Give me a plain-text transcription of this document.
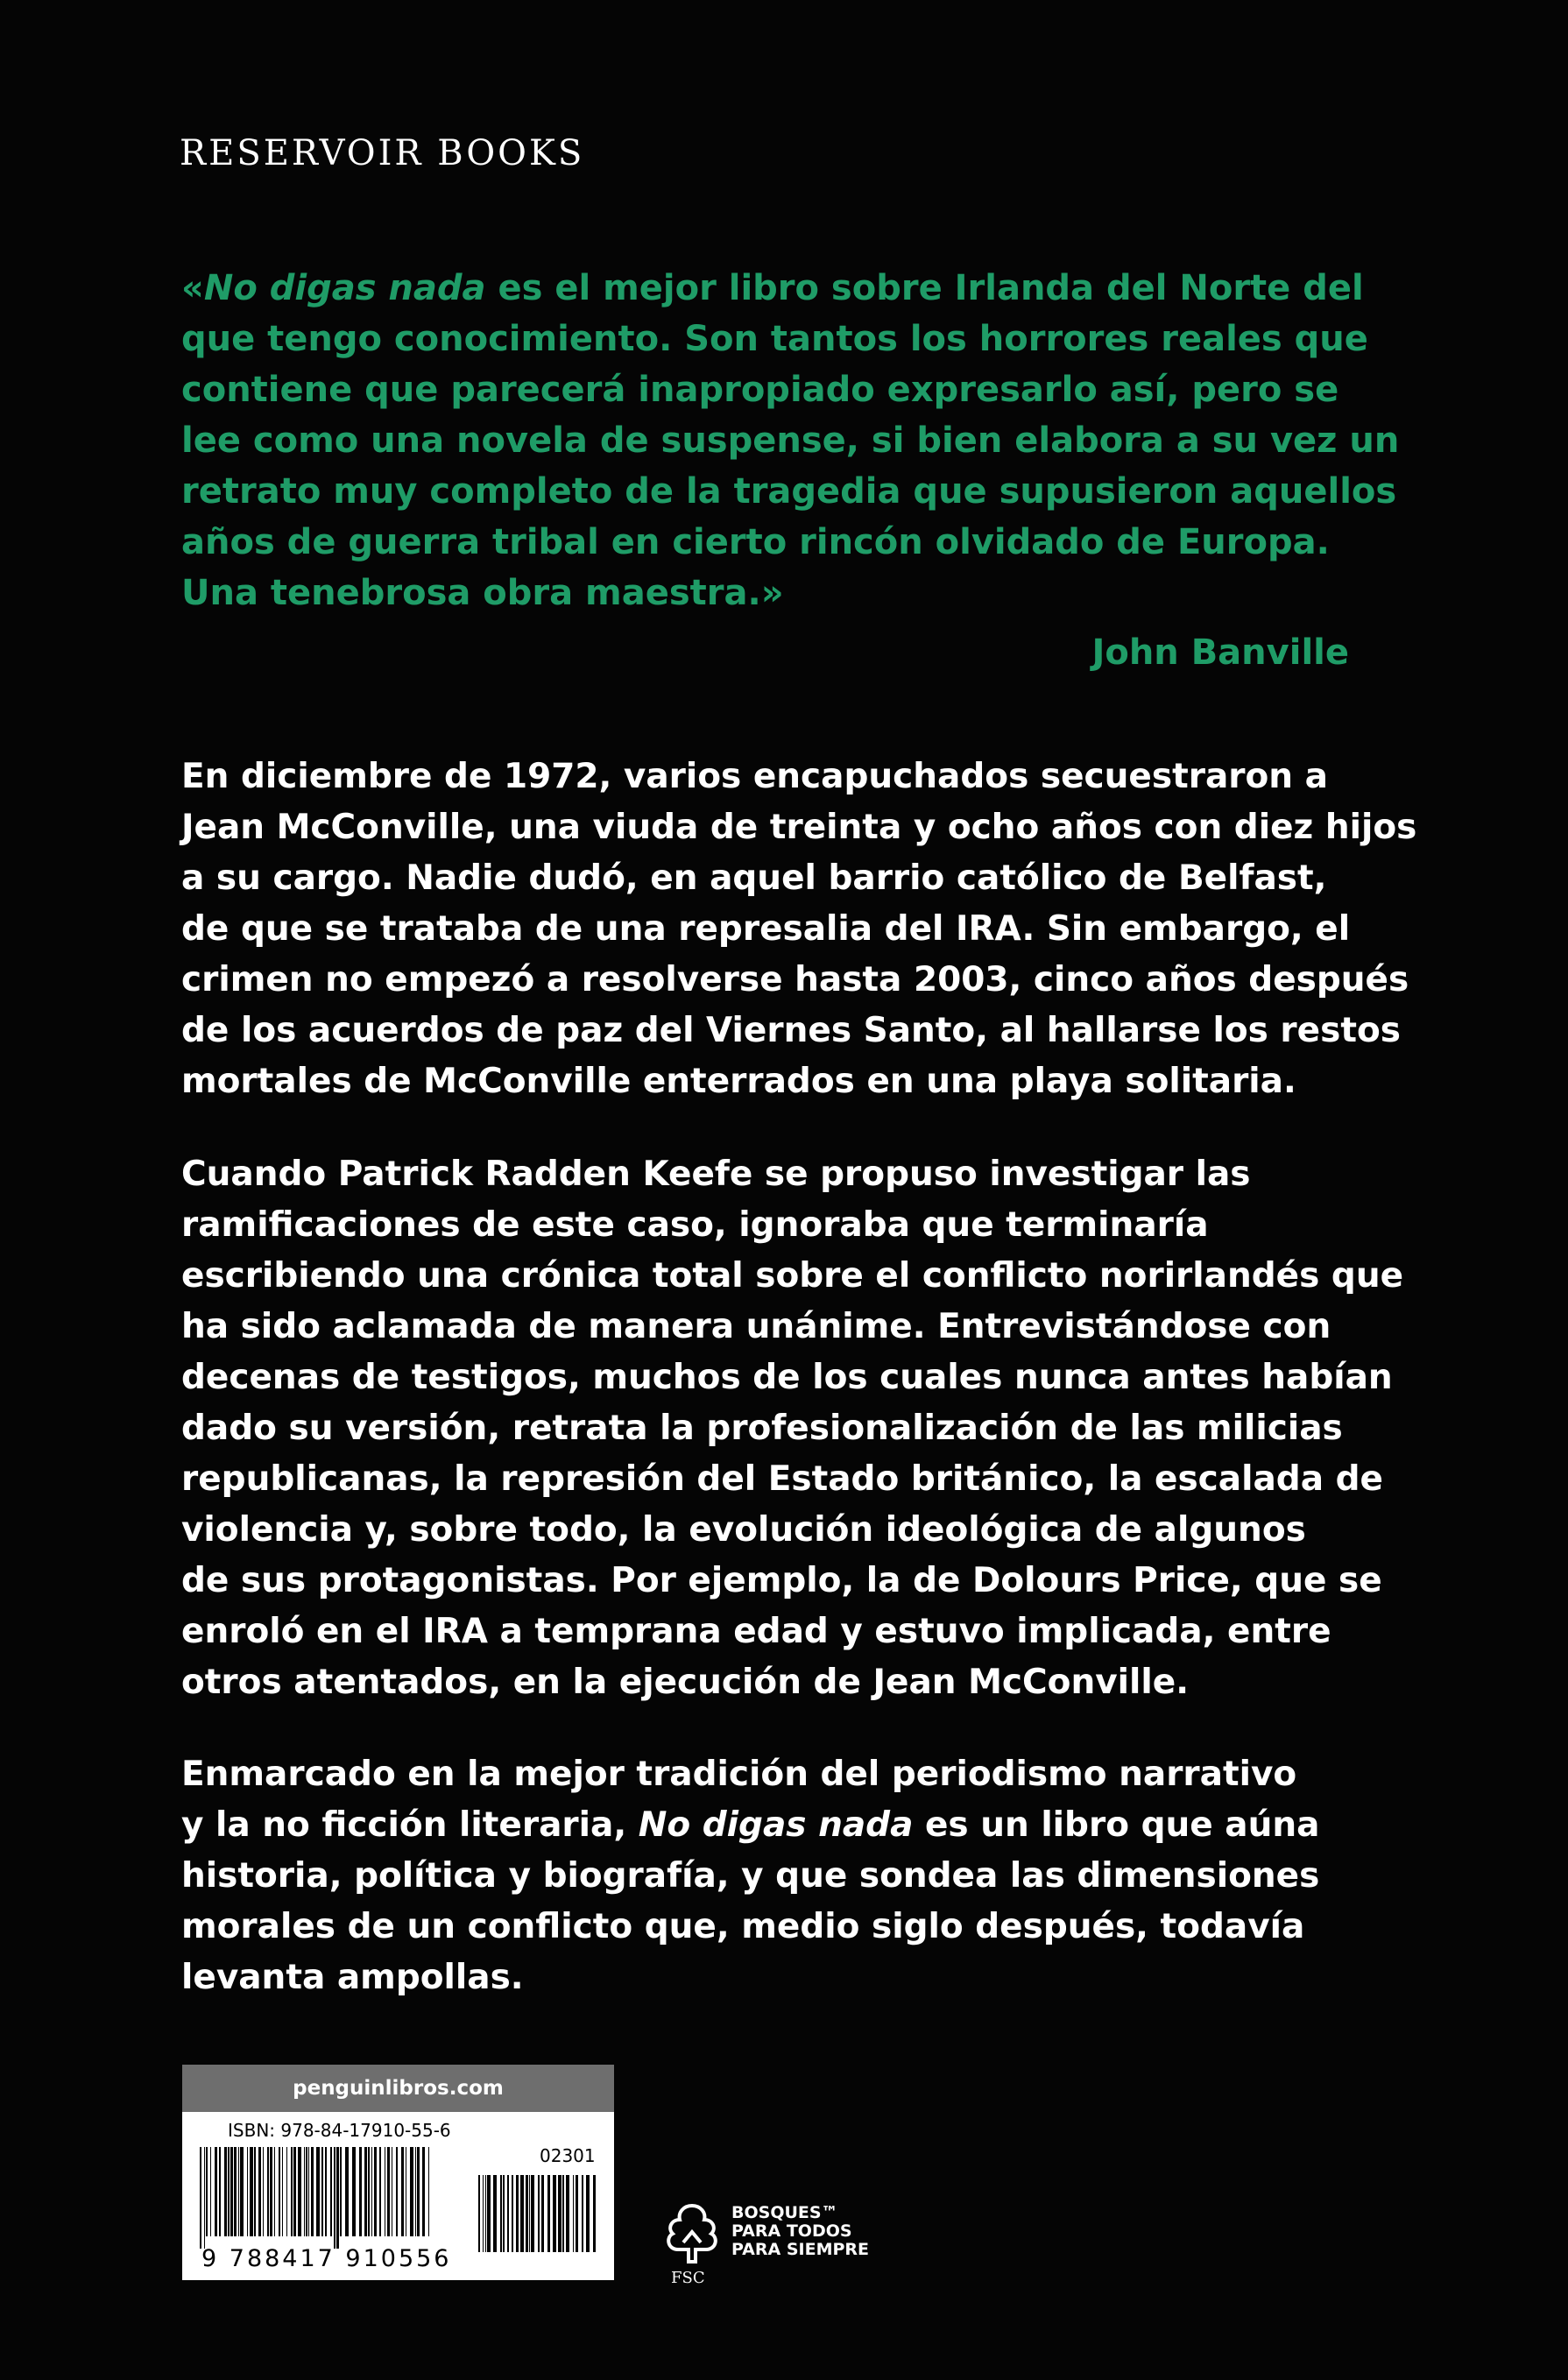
RESERVOIR BOOKS
«No digas nada es el mejor libro sobre Irlanda del Norte del
que tengo conocimiento. Son tantos los horrores reales que
contiene que parecerá inapropiado expresarlo así, pero se
lee como una novela de suspense, si bien elabora a su vez un
retrato muy completo de la tragedia que supusieron aquellos
años de guerra tribal en cierto rincón olvidado de Europa.
Una tenebrosa obra maestra.»
John Banville
En diciembre de 1972, varios encapuchados secuestraron a
Jean McConville, una viuda de treinta y ocho años con diez hijos
a su cargo. Nadie dudó, en aquel barrio católico de Belfast,
de que se trataba de una represalia del IRA. Sin embargo, el
crimen no empezó a resolverse hasta 2003, cinco años después
de los acuerdos de paz del Viernes Santo, al hallarse los restos
mortales de McConville enterrados en una playa solitaria.
Cuando Patrick Radden Keefe se propuso investigar las
ramificaciones de este caso, ignoraba que terminaría
escribiendo una crónica total sobre el conflicto norirlandés que
ha sido aclamada de manera unánime. Entrevistándose con
decenas de testigos, muchos de los cuales nunca antes habían
dado su versión, retrata la profesionalización de las milicias
republicanas, la represión del Estado británico, la escalada de
violencia y, sobre todo, la evolución ideológica de algunos
de sus protagonistas. Por ejemplo, la de Dolours Price, que se
enroló en el IRA a temprana edad y estuvo implicada, entre
otros atentados, en la ejecución de Jean McConville.
Enmarcado en la mejor tradición del periodismo narrativo
y la no ficción literaria, No digas nada es un libro que aúna
historia, política y biografía, y que sondea las dimensiones
morales de un conflicto que, medio siglo después, todavía
levanta ampollas.
penguinlibros.com
ISBN: 978-84-17910-55-6
02301
9 788417 910556
FSC
BOSQUES™
PARA TODOS
PARA SIEMPRE
